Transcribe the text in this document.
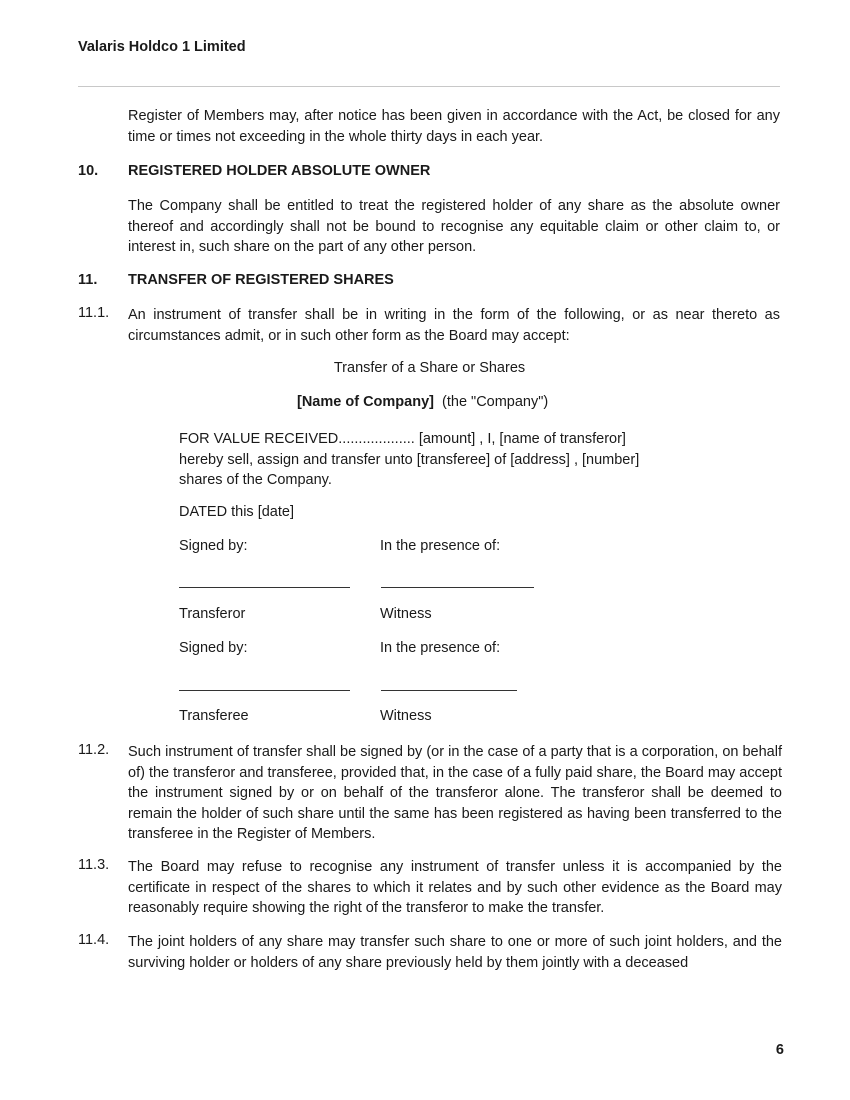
Valaris Holdco 1 Limited
Register of Members may, after notice has been given in accordance with the Act, be closed for any time or times not exceeding in the whole thirty days in each year.
10. REGISTERED HOLDER ABSOLUTE OWNER
The Company shall be entitled to treat the registered holder of any share as the absolute owner thereof and accordingly shall not be bound to recognise any equitable claim or other claim to, or interest in, such share on the part of any other person.
11. TRANSFER OF REGISTERED SHARES
11.1. An instrument of transfer shall be in writing in the form of the following, or as near thereto as circumstances admit, or in such other form as the Board may accept:
Transfer of a Share or Shares
[Name of Company] (the "Company")
FOR VALUE RECEIVED................... [amount] , I, [name of transferor]
hereby sell, assign and transfer unto [transferee] of [address] , [number]
shares of the Company.
DATED this [date]
Signed by:	In the presence of:
Transferor	Witness
Signed by:	In the presence of:
Transferee	Witness
11.2. Such instrument of transfer shall be signed by (or in the case of a party that is a corporation, on behalf of) the transferor and transferee, provided that, in the case of a fully paid share, the Board may accept the instrument signed by or on behalf of the transferor alone. The transferor shall be deemed to remain the holder of such share until the same has been registered as having been transferred to the transferee in the Register of Members.
11.3. The Board may refuse to recognise any instrument of transfer unless it is accompanied by the certificate in respect of the shares to which it relates and by such other evidence as the Board may reasonably require showing the right of the transferor to make the transfer.
11.4. The joint holders of any share may transfer such share to one or more of such joint holders, and the surviving holder or holders of any share previously held by them jointly with a deceased
6
